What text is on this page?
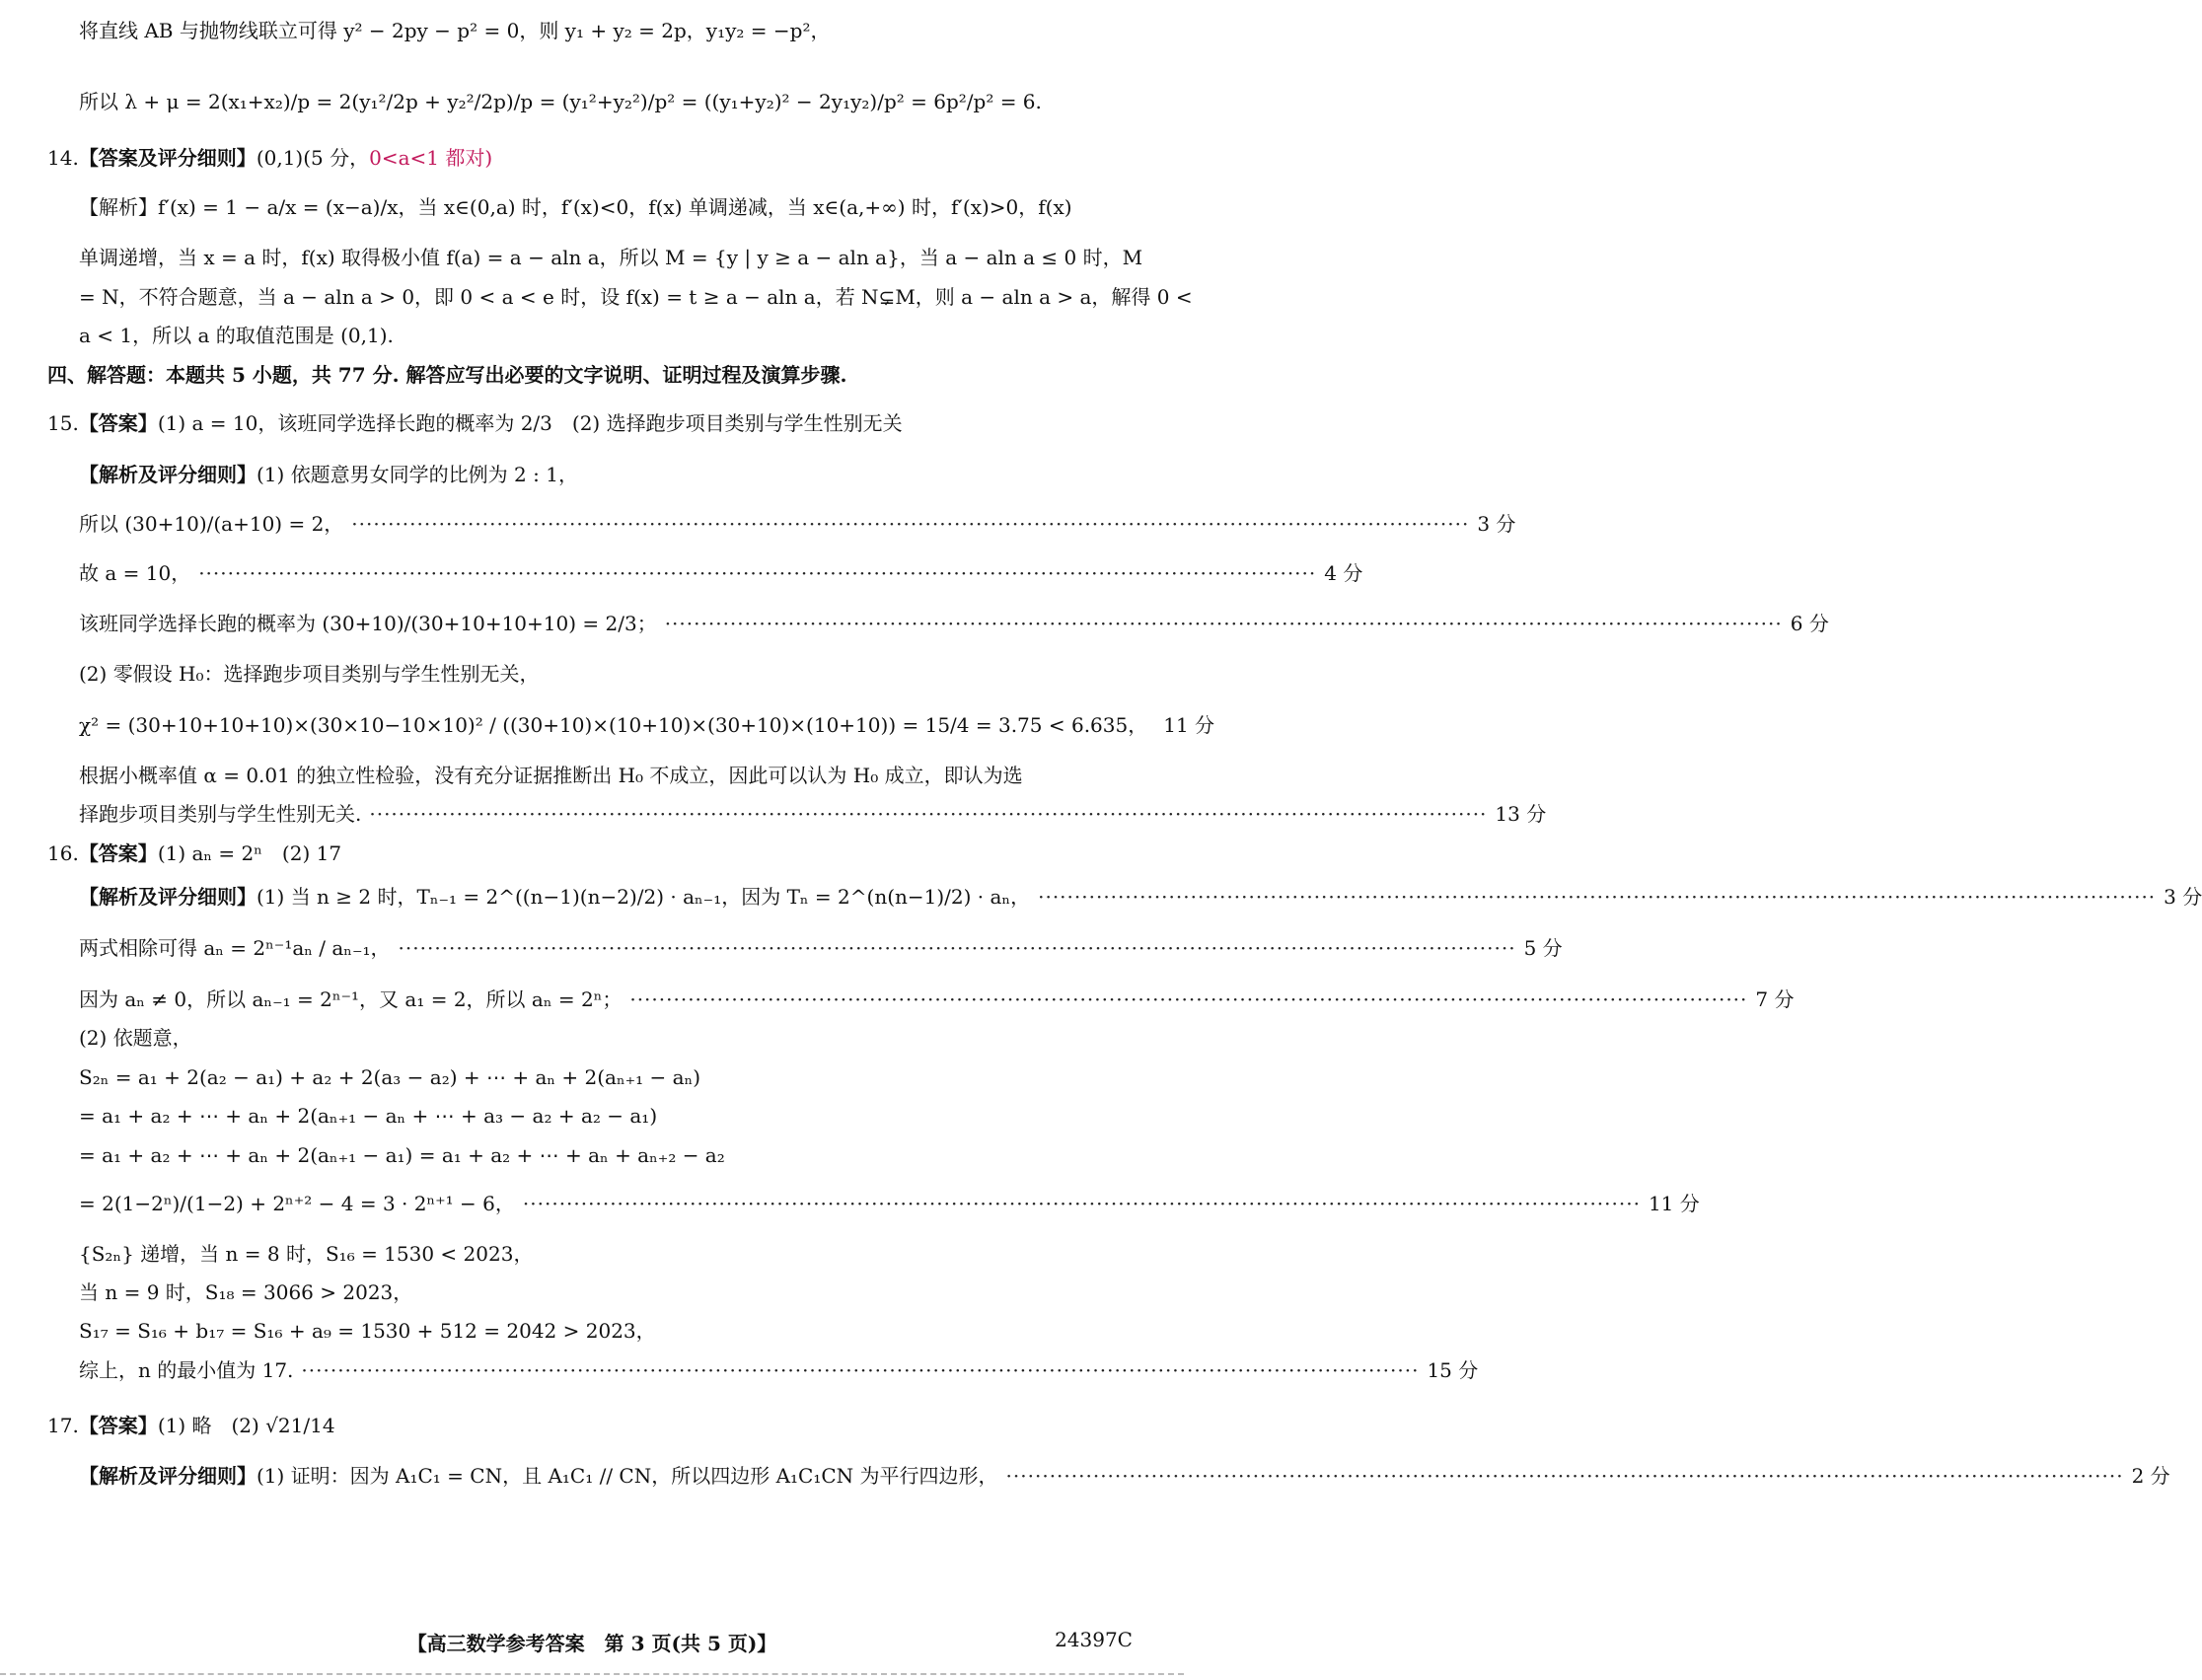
将直线 AB 与抛物线联立可得 y² − 2py − p² = 0，则 y₁ + y₂ = 2p，y₁y₂ = −p²，
所以 λ + μ = 2(x₁+x₂)/p = 2(y₁²/2p + y₂²/2p)/p = (y₁²+y₂²)/p² = ((y₁+y₂)² − 2y₁y₂)/p² = 6p²/p² = 6.
14. 【答案及评分细则】 (0,1)(5 分， 0<a<1 都对)
【解析】f′(x) = 1 − a/x = (x−a)/x，当 x∈(0,a) 时，f′(x)<0，f(x) 单调递减，当 x∈(a,+∞) 时，f′(x)>0，f(x)
单调递增，当 x = a 时，f(x) 取得极小值 f(a) = a − aln a，所以 M = {y | y ≥ a − aln a}，当 a − aln a ≤ 0 时，M
= N，不符合题意，当 a − aln a > 0，即 0 < a < e 时，设 f(x) = t ≥ a − aln a，若 N⊊M，则 a − aln a > a，解得 0 <
a < 1，所以 a 的取值范围是 (0,1).
四、解答题：本题共 5 小题，共 77 分. 解答应写出必要的文字说明、证明过程及演算步骤.
15. 【答案】 (1) a = 10，该班同学选择长跑的概率为 2/3　(2) 选择跑步项目类别与学生性别无关
【解析及评分细则】 (1) 依题意男女同学的比例为 2 : 1，
所以 (30+10)/(a+10) = 2， ·····	3 分
故 a = 10， ·····	4 分
该班同学选择长跑的概率为 (30+10)/(30+10+10+10) = 2/3； ·····	6 分
(2) 零假设 H₀：选择跑步项目类别与学生性别无关，
χ² = (30+10+10+10)×(30×10−10×10)² / ((30+10)×(10+10)×(30+10)×(10+10)) = 15/4 = 3.75 < 6.635， 11 分
根据小概率值 α = 0.01 的独立性检验，没有充分证据推断出 H₀ 不成立，因此可以认为 H₀ 成立，即认为选
择跑步项目类别与学生性别无关. ·····	13 分
16. 【答案】 (1) aₙ = 2ⁿ　(2) 17
【解析及评分细则】 (1) 当 n ≥ 2 时，Tₙ₋₁ = 2^((n−1)(n−2)/2) · aₙ₋₁，因为 Tₙ = 2^(n(n−1)/2) · aₙ， ·····	3 分
两式相除可得 aₙ = 2ⁿ⁻¹aₙ / aₙ₋₁， ·····	5 分
因为 aₙ ≠ 0，所以 aₙ₋₁ = 2ⁿ⁻¹，又 a₁ = 2，所以 aₙ = 2ⁿ； ·····	7 分
(2) 依题意，
S₂ₙ = a₁ + 2(a₂ − a₁) + a₂ + 2(a₃ − a₂) + ⋯ + aₙ + 2(aₙ₊₁ − aₙ)
= a₁ + a₂ + ⋯ + aₙ + 2(aₙ₊₁ − aₙ + ⋯ + a₃ − a₂ + a₂ − a₁)
= a₁ + a₂ + ⋯ + aₙ + 2(aₙ₊₁ − a₁) = a₁ + a₂ + ⋯ + aₙ + aₙ₊₂ − a₂
= 2(1−2ⁿ)/(1−2) + 2ⁿ⁺² − 4 = 3 · 2ⁿ⁺¹ − 6， ·····	11 分
{S₂ₙ} 递增，当 n = 8 时，S₁₆ = 1530 < 2023，
当 n = 9 时，S₁₈ = 3066 > 2023，
S₁₇ = S₁₆ + b₁₇ = S₁₆ + a₉ = 1530 + 512 = 2042 > 2023，
综上，n 的最小值为 17. ·····	15 分
17. 【答案】 (1) 略　(2) √21/14
【解析及评分细则】 (1) 证明：因为 A₁C₁ = CN，且 A₁C₁ // CN，所以四边形 A₁C₁CN 为平行四边形， ·····	2 分
【高三数学参考答案　第 3 页(共 5 页)】	24397C
